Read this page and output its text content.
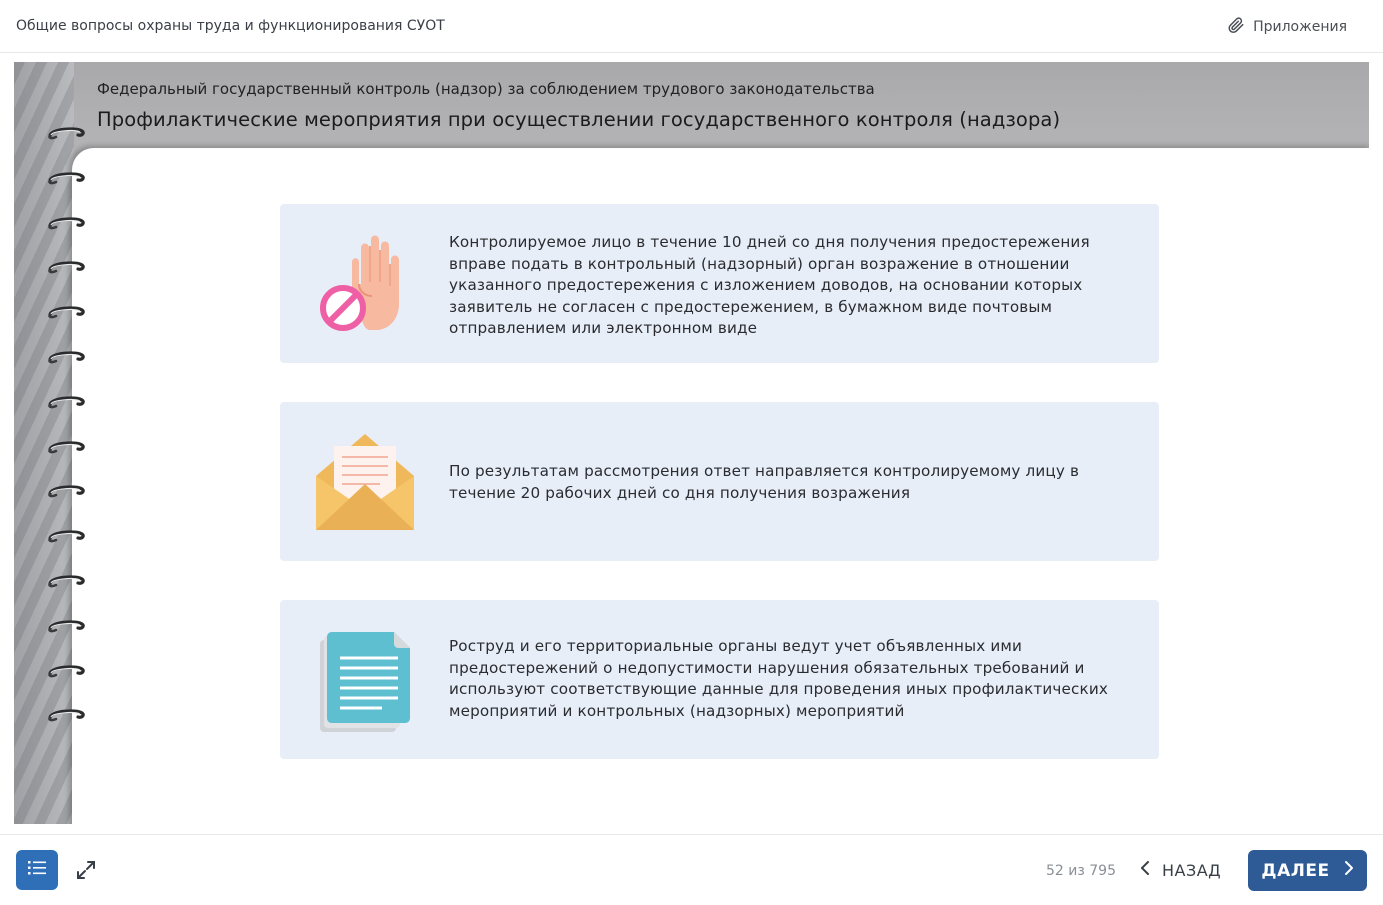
Общие вопросы охраны труда и функционирования СУОТ	Приложения
Федеральный государственный контроль (надзор) за соблюдением трудового законодательства
Профилактические мероприятия при осуществлении государственного контроля (надзора)
Контролируемое лицо в течение 10 дней со дня получения предостережения вправе подать в контрольный (надзорный) орган возражение в отношении указанного предостережения с изложением доводов, на основании которых заявитель не согласен с предостережением, в бумажном виде почтовым отправлением или электронном виде
По результатам рассмотрения ответ направляется контролируемому лицу в течение 20 рабочих дней со дня получения возражения
Роструд и его территориальные органы ведут учет объявленных ими предостережений о недопустимости нарушения обязательных требований и используют соответствующие данные для проведения иных профилактических мероприятий и контрольных (надзорных) мероприятий
52 из 795	НАЗАД ДАЛЕЕ
